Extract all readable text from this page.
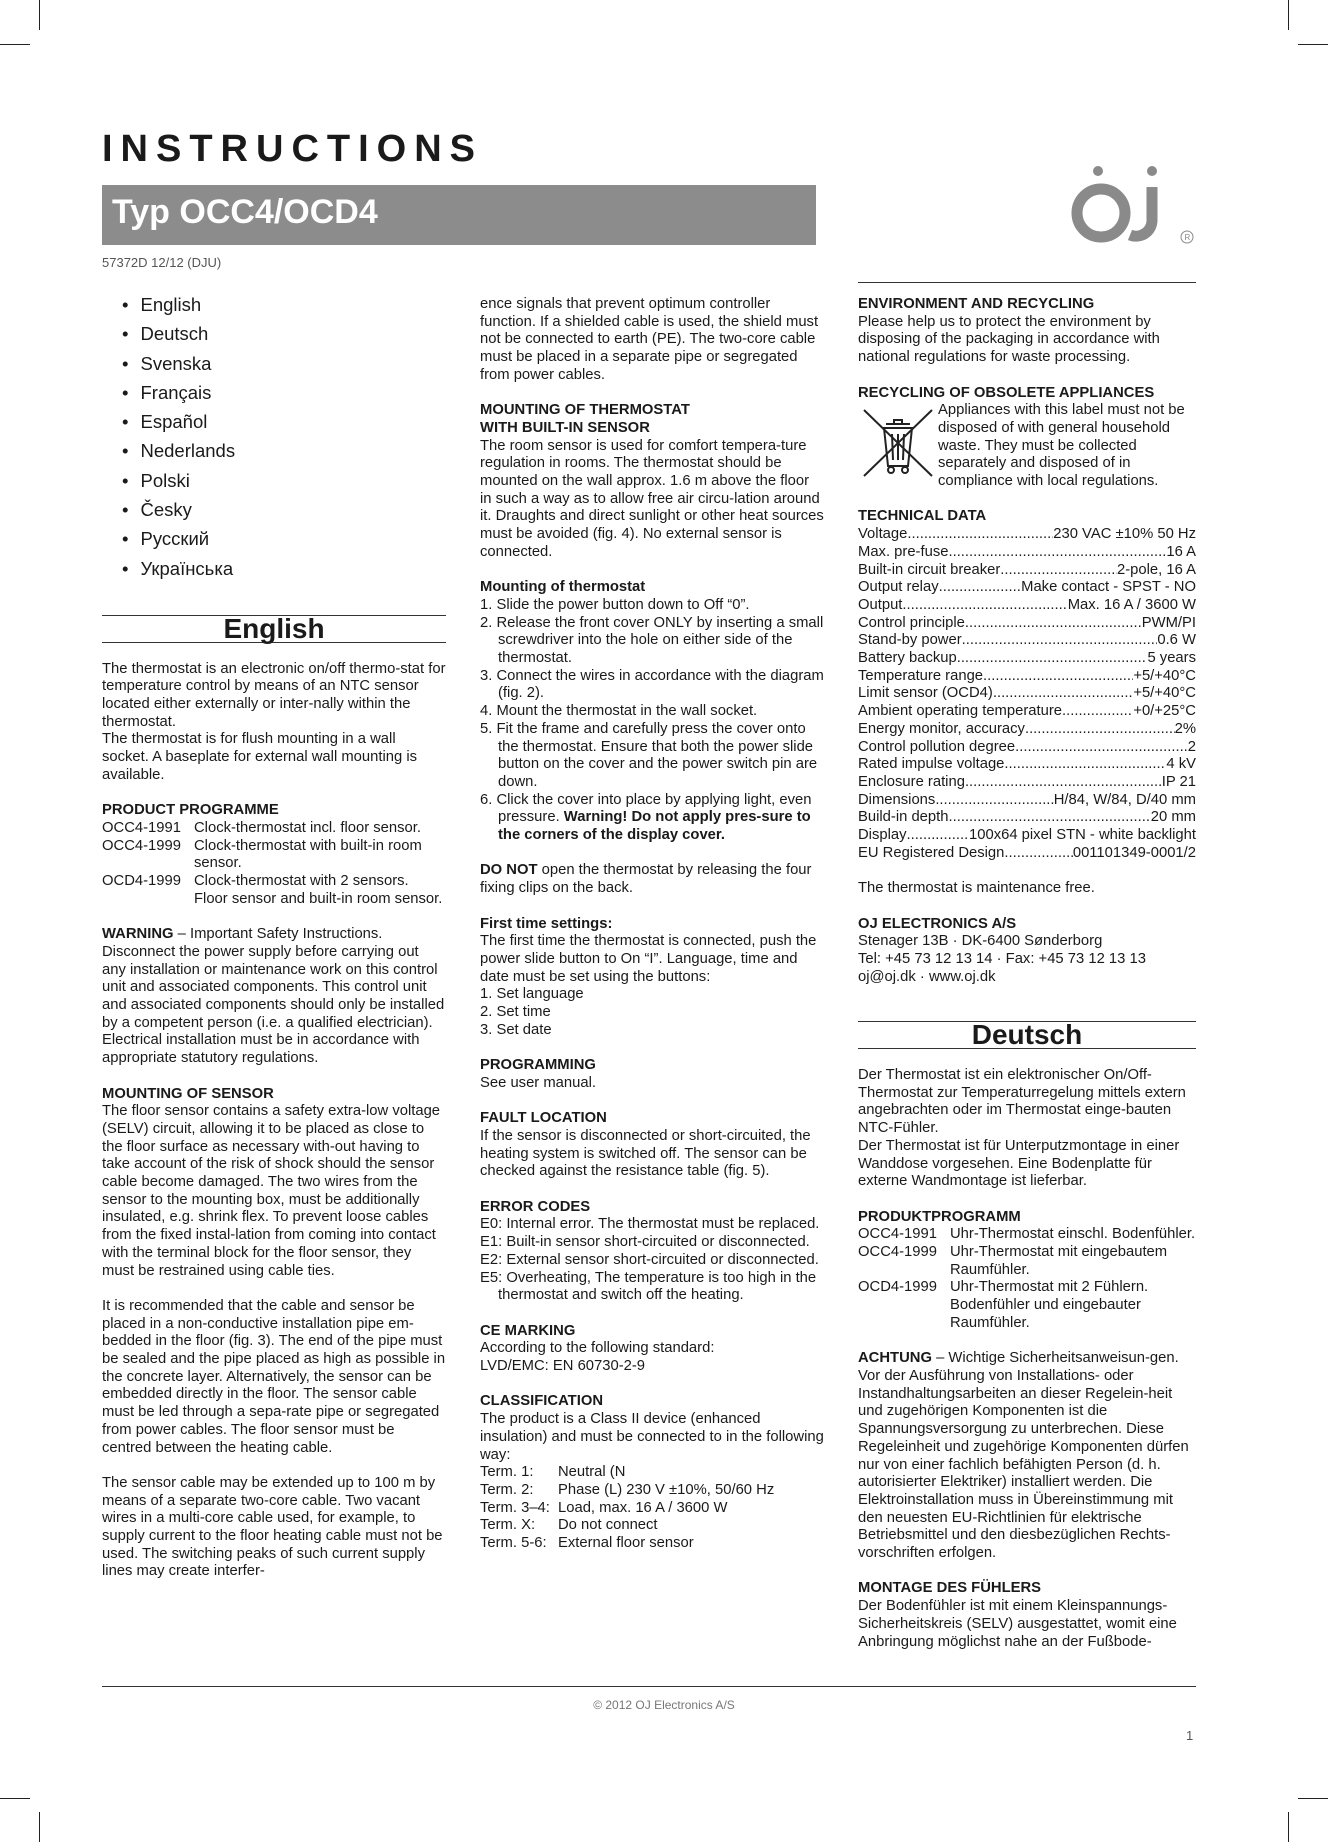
INSTRUCTIONS
Typ OCC4/OCD4
57372D 12/12 (DJU)
R
• English
• Deutsch
• Svenska
• Français
• Español
• Nederlands
• Polski
• Česky
• Русский
• Українська
English

The thermostat is an electronic on/off thermo-stat for temperature control by means of an NTC sensor located either externally or inter-nally within the thermostat.
The thermostat is for flush mounting in a wall socket. A baseplate for external wall mounting is available.

PRODUCT PROGRAMME
OCC4-1991 Clock-thermostat incl. floor sensor.
OCC4-1999 Clock-thermostat with built-in room sensor.
OCD4-1999 Clock-thermostat with 2 sensors. Floor sensor and built-in room sensor.

WARNING – Important Safety Instructions. Disconnect the power supply before carrying out any installation or maintenance work on this control unit and associated components. This control unit and associated components should only be installed by a competent person (i.e. a qualified electrician). Electrical installation must be in accordance with appropriate statutory regulations.

MOUNTING OF SENSOR

The floor sensor contains a safety extra-low voltage (SELV) circuit, allowing it to be placed as close to the floor surface as necessary with-out having to take account of the risk of shock should the sensor cable become damaged. The two wires from the sensor to the mounting box, must be additionally insulated, e.g. shrink flex. To prevent loose cables from the fixed instal-lation from coming into contact with the terminal block for the floor sensor, they must be restrained using cable ties.

It is recommended that the cable and sensor be placed in a non-conductive installation pipe em-bedded in the floor (fig. 3). The end of the pipe must be sealed and the pipe placed as high as possible in the concrete layer. Alternatively, the sensor can be embedded directly in the floor. The sensor cable must be led through a sepa-rate pipe or segregated from power cables. The floor sensor must be centred between the heating cable.

The sensor cable may be extended up to 100 m by means of a separate two-core cable. Two vacant wires in a multi-core cable used, for example, to supply current to the floor heating cable must not be used. The switching peaks of such current supply lines may create interfer-

ence signals that prevent optimum controller function. If a shielded cable is used, the shield must not be connected to earth (PE). The two-core cable must be placed in a separate pipe or segregated from power cables.

MOUNTING OF THERMOSTAT
WITH BUILT-IN SENSOR

The room sensor is used for comfort tempera-ture regulation in rooms. The thermostat should be mounted on the wall approx. 1.6 m above the floor in such a way as to allow free air circu-lation around it. Draughts and direct sunlight or other heat sources must be avoided (fig. 4). No external sensor is connected.

Mounting of thermostat
1. Slide the power button down to Off “0”.
2. Release the front cover ONLY by inserting a small screwdriver into the hole on either side of the thermostat.
3. Connect the wires in accordance with the diagram (fig. 2).
4. Mount the thermostat in the wall socket.
5. Fit the frame and carefully press the cover onto the thermostat. Ensure that both the power slide button on the cover and the power switch pin are down.
6. Click the cover into place by applying light, even pressure. Warning! Do not apply pres-sure to the corners of the display cover.

DO NOT open the thermostat by releasing the four fixing clips on the back.

First time settings:
The first time the thermostat is connected, push the power slide button to On “I”. Language, time and date must be set using the buttons:
1. Set language
2. Set time
3. Set date
PROGRAMMING

See user manual.

FAULT LOCATION

If the sensor is disconnected or short-circuited, the heating system is switched off. The sensor can be checked against the resistance table (fig. 5).

ERROR CODES
E0: Internal error. The thermostat must be replaced.
E1: Built-in sensor short-circuited or disconnected.
E2: External sensor short-circuited or disconnected.
E5: Overheating, The temperature is too high in the thermostat and switch off the heating.
CE MARKING
According to the following standard:

LVD/EMC: EN 60730-2-9

CLASSIFICATION
The product is a Class II device (enhanced insulation) and must be connected to in the following way:
Term. 1:	Neutral (N
Term. 2:	Phase (L) 230 V ±10%, 50/60 Hz
Term. 3–4: Load, max. 16 A / 3600 W
Term. X:	Do not connect
Term. 5-6: External floor sensor
ENVIRONMENT AND RECYCLING

Please help us to protect the environment by disposing of the packaging in accordance with national regulations for waste processing.

RECYCLING OF OBSOLETE APPLIANCES
Appliances with this label must not be disposed of with general household waste. They must be collected separately and disposed of in compliance with local regulations.
TECHNICAL DATA
Voltage .....	230 VAC ±10% 50 Hz
Max. pre-fuse .....	16 A
Built-in circuit breaker .....	2-pole, 16 A
Output relay .....	Make contact - SPST - NO
Output .....	Max. 16 A / 3600 W
Control principle .....	PWM/PI
Stand-by power .....	0.6 W
Battery backup .....	5 years
Temperature range .....	+5/+40°C
Limit sensor (OCD4) .....	+5/+40°C
Ambient operating temperature .....	+0/+25°C
Energy monitor, accuracy .....	2%
Control pollution degree .....	2
Rated impulse voltage .....	4 kV
Enclosure rating .....	IP 21
Dimensions .....	H/84, W/84, D/40 mm
Build-in depth .....	20 mm
Display .....	100x64 pixel STN - white backlight
EU Registered Design .....	001101349-0001/2

The thermostat is maintenance free.

OJ ELECTRONICS A/S
Stenager 13B · DK-6400 Sønderborg
Tel: +45 73 12 13 14 · Fax: +45 73 12 13 13
oj@oj.dk · www.oj.dk
Deutsch

Der Thermostat ist ein elektronischer On/Off-Thermostat zur Temperaturregelung mittels extern angebrachten oder im Thermostat einge-bauten NTC-Fühler.
Der Thermostat ist für Unterputzmontage in einer Wanddose vorgesehen. Eine Bodenplatte für externe Wandmontage ist lieferbar.

PRODUKTPROGRAMM
OCC4-1991 Uhr-Thermostat einschl. Bodenfühler.
OCC4-1999 Uhr-Thermostat mit eingebautem Raumfühler.
OCD4-1999 Uhr-Thermostat mit 2 Fühlern. Bodenfühler und eingebauter Raumfühler.

ACHTUNG – Wichtige Sicherheitsanweisun-gen. Vor der Ausführung von Installations- oder Instandhaltungsarbeiten an dieser Regelein-heit und zugehörigen Komponenten ist die Spannungsversorgung zu unterbrechen. Diese Regeleinheit und zugehörige Komponenten dürfen nur von einer fachlich befähigten Person (d. h. autorisierter Elektriker) installiert werden. Die Elektroinstallation muss in Übereinstimmung mit den neuesten EU-Richtlinien für elektrische Betriebsmittel und den diesbezüglichen Rechts-vorschriften erfolgen.

MONTAGE DES FÜHLERS

Der Bodenfühler ist mit einem Kleinspannungs-Sicherheitskreis (SELV) ausgestattet, womit eine Anbringung möglichst nahe an der Fußbode-

© 2012 OJ Electronics A/S
1
